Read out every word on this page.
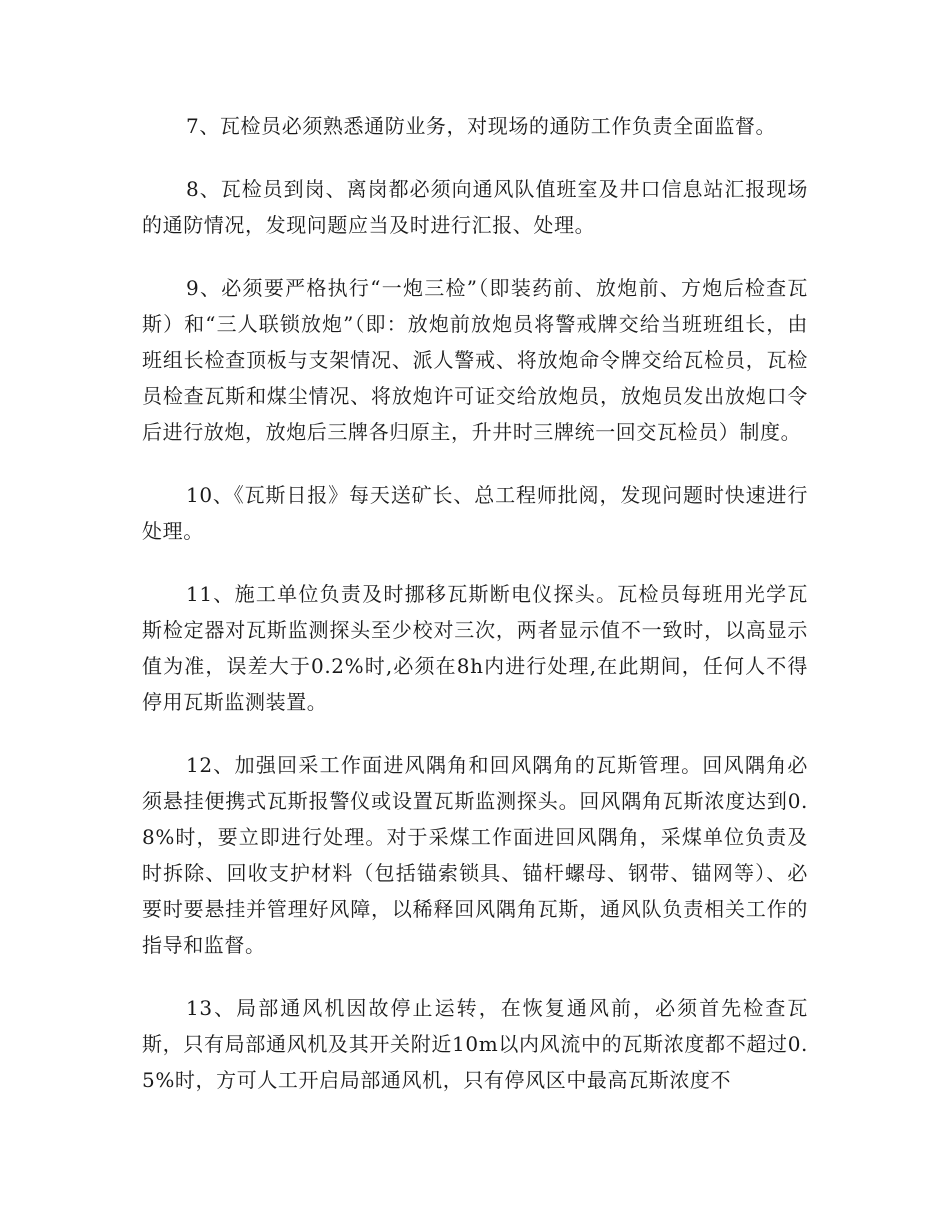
7、瓦检员必须熟悉通防业务，对现场的通防工作负责全面监督。

8、瓦检员到岗、离岗都必须向通风队值班室及井口信息站汇报现场的通防情况，发现问题应当及时进行汇报、处理。

9、必须要严格执行“一炮三检”（即装药前、放炮前、方炮后检查瓦斯）和“三人联锁放炮”（即：放炮前放炮员将警戒牌交给当班班组长，由班组长检查顶板与支架情况、派人警戒、将放炮命令牌交给瓦检员，瓦检员检查瓦斯和煤尘情况、将放炮许可证交给放炮员，放炮员发出放炮口令后进行放炮，放炮后三牌各归原主，升井时三牌统一回交瓦检员）制度。

10、《瓦斯日报》每天送矿长、总工程师批阅，发现问题时快速进行处理。

11、施工单位负责及时挪移瓦斯断电仪探头。瓦检员每班用光学瓦斯检定器对瓦斯监测探头至少校对三次，两者显示值不一致时，以高显示值为准，误差大于0.2%时,必须在8h内进行处理,在此期间，任何人不得停用瓦斯监测装置。

12、加强回采工作面进风隅角和回风隅角的瓦斯管理。回风隅角必须悬挂便携式瓦斯报警仪或设置瓦斯监测探头。回风隅角瓦斯浓度达到0.8%时，要立即进行处理。对于采煤工作面进回风隅角，采煤单位负责及时拆除、回收支护材料（包括锚索锁具、锚杆螺母、钢带、锚网等）、必要时要悬挂并管理好风障，以稀释回风隅角瓦斯，通风队负责相关工作的指导和监督。

13、局部通风机因故停止运转，在恢复通风前，必须首先检查瓦斯，只有局部通风机及其开关附近10m以内风流中的瓦斯浓度都不超过0.5%时，方可人工开启局部通风机，只有停风区中最高瓦斯浓度不
